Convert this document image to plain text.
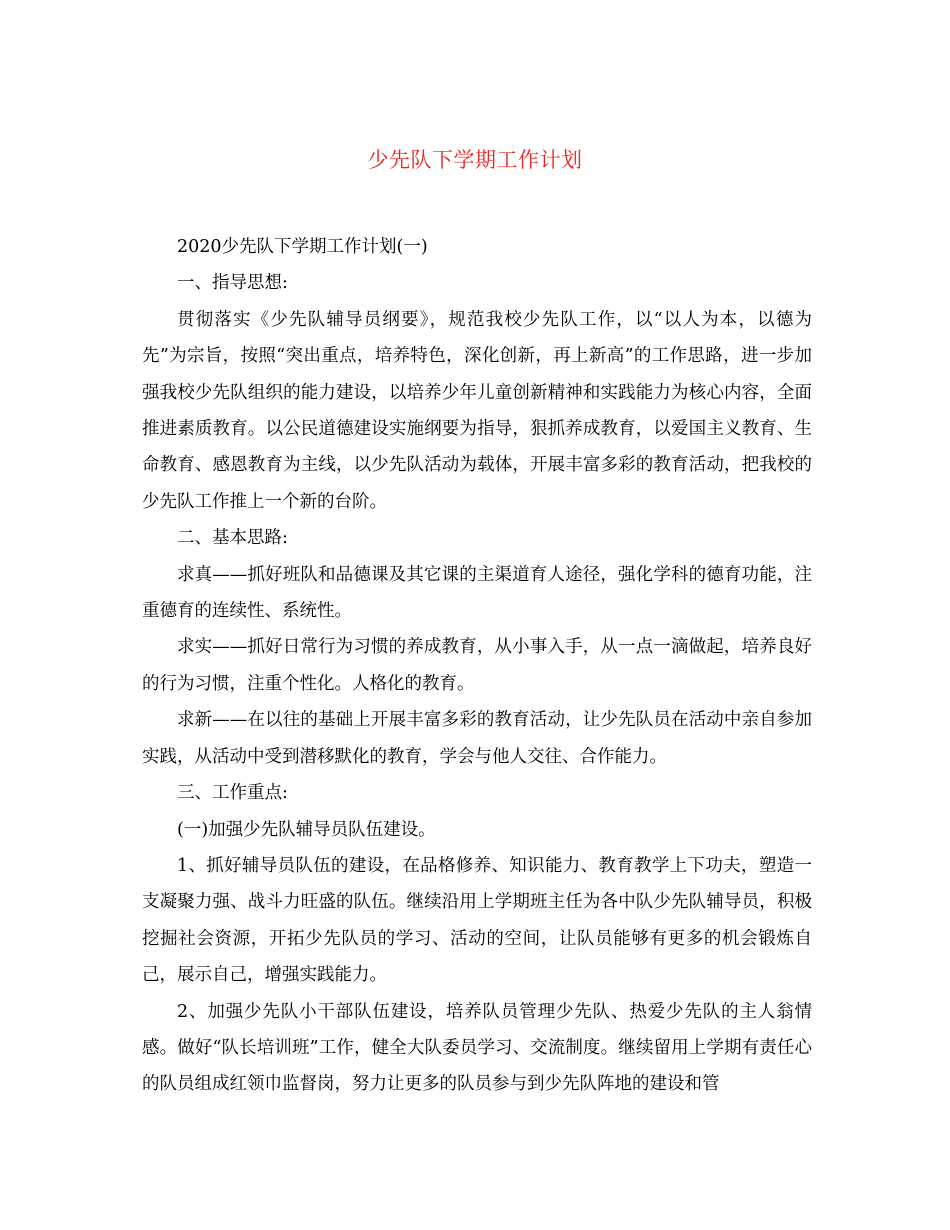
少先队下学期工作计划

2020少先队下学期工作计划(一)

一、指导思想:

贯彻落实《少先队辅导员纲要》，规范我校少先队工作，以“以人为本，以德为先”为宗旨，按照“突出重点，培养特色，深化创新，再上新高”的工作思路，进一步加强我校少先队组织的能力建设，以培养少年儿童创新精神和实践能力为核心内容，全面推进素质教育。以公民道德建设实施纲要为指导，狠抓养成教育，以爱国主义教育、生命教育、感恩教育为主线，以少先队活动为载体，开展丰富多彩的教育活动，把我校的少先队工作推上一个新的台阶。

二、基本思路:

求真——抓好班队和品德课及其它课的主渠道育人途径，强化学科的德育功能，注重德育的连续性、系统性。

求实——抓好日常行为习惯的养成教育，从小事入手，从一点一滴做起，培养良好的行为习惯，注重个性化。人格化的教育。

求新——在以往的基础上开展丰富多彩的教育活动，让少先队员在活动中亲自参加实践，从活动中受到潜移默化的教育，学会与他人交往、合作能力。

三、工作重点:

(一)加强少先队辅导员队伍建设。

1、抓好辅导员队伍的建设，在品格修养、知识能力、教育教学上下功夫，塑造一支凝聚力强、战斗力旺盛的队伍。继续沿用上学期班主任为各中队少先队辅导员，积极挖掘社会资源，开拓少先队员的学习、活动的空间，让队员能够有更多的机会锻炼自己，展示自己，增强实践能力。

2、加强少先队小干部队伍建设，培养队员管理少先队、热爱少先队的主人翁情感。做好“队长培训班”工作，健全大队委员学习、交流制度。继续留用上学期有责任心的队员组成红领巾监督岗，努力让更多的队员参与到少先队阵地的建设和管
